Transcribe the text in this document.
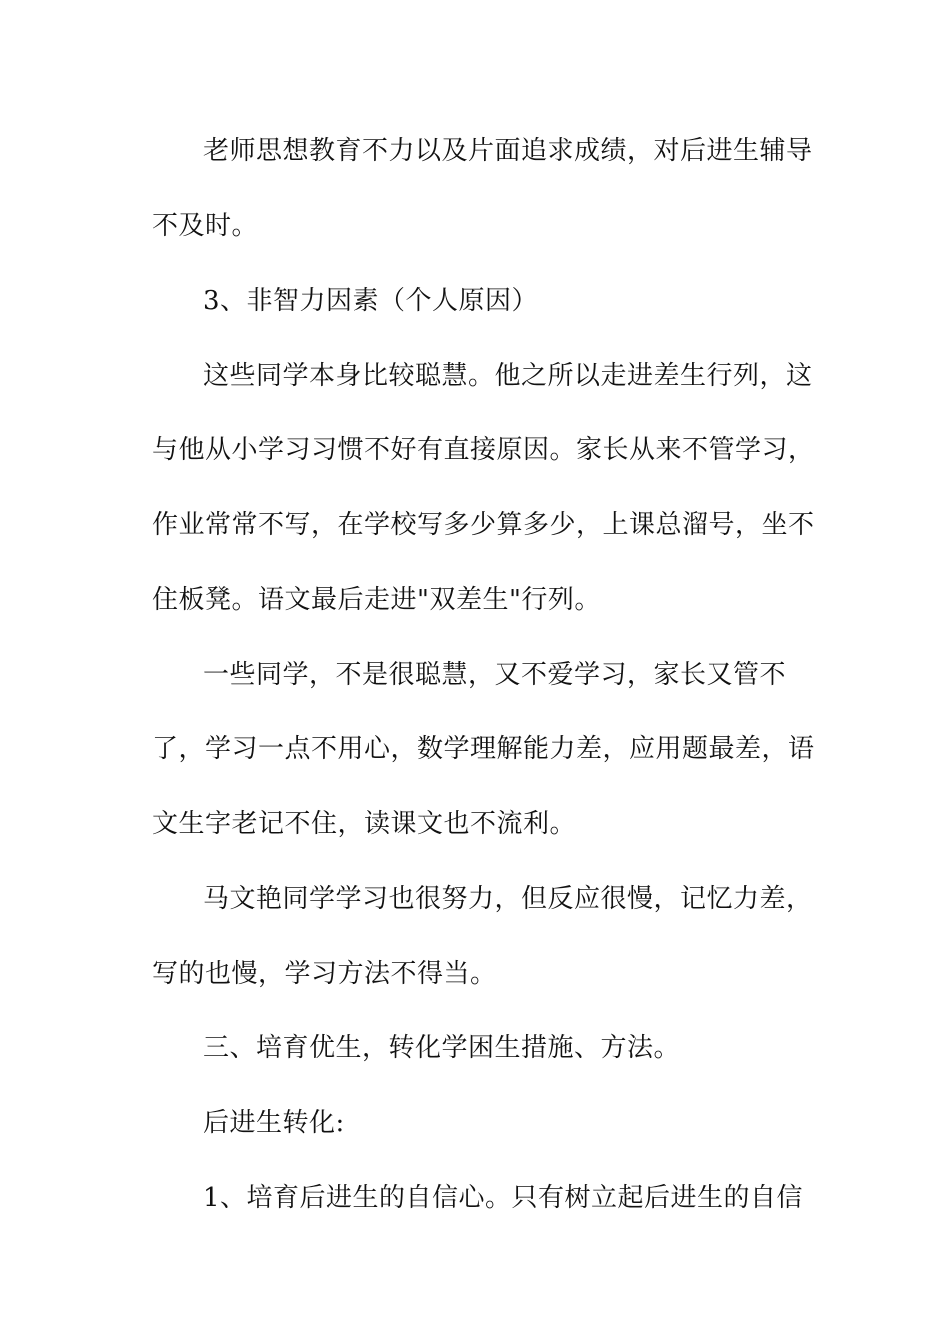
老师思想教育不力以及片面追求成绩，对后进生辅导
不及时。
3、非智力因素（个人原因）
这些同学本身比较聪慧。他之所以走进差生行列，这
与他从小学习习惯不好有直接原因。家长从来不管学习，
作业常常不写，在学校写多少算多少，上课总溜号，坐不
住板凳。语文最后走进"双差生"行列。
一些同学，不是很聪慧，又不爱学习，家长又管不
了，学习一点不用心，数学理解能力差，应用题最差，语
文生字老记不住，读课文也不流利。
马文艳同学学习也很努力，但反应很慢，记忆力差，
写的也慢，学习方法不得当。
三、培育优生，转化学困生措施、方法。
后进生转化:
1、培育后进生的自信心。只有树立起后进生的自信
